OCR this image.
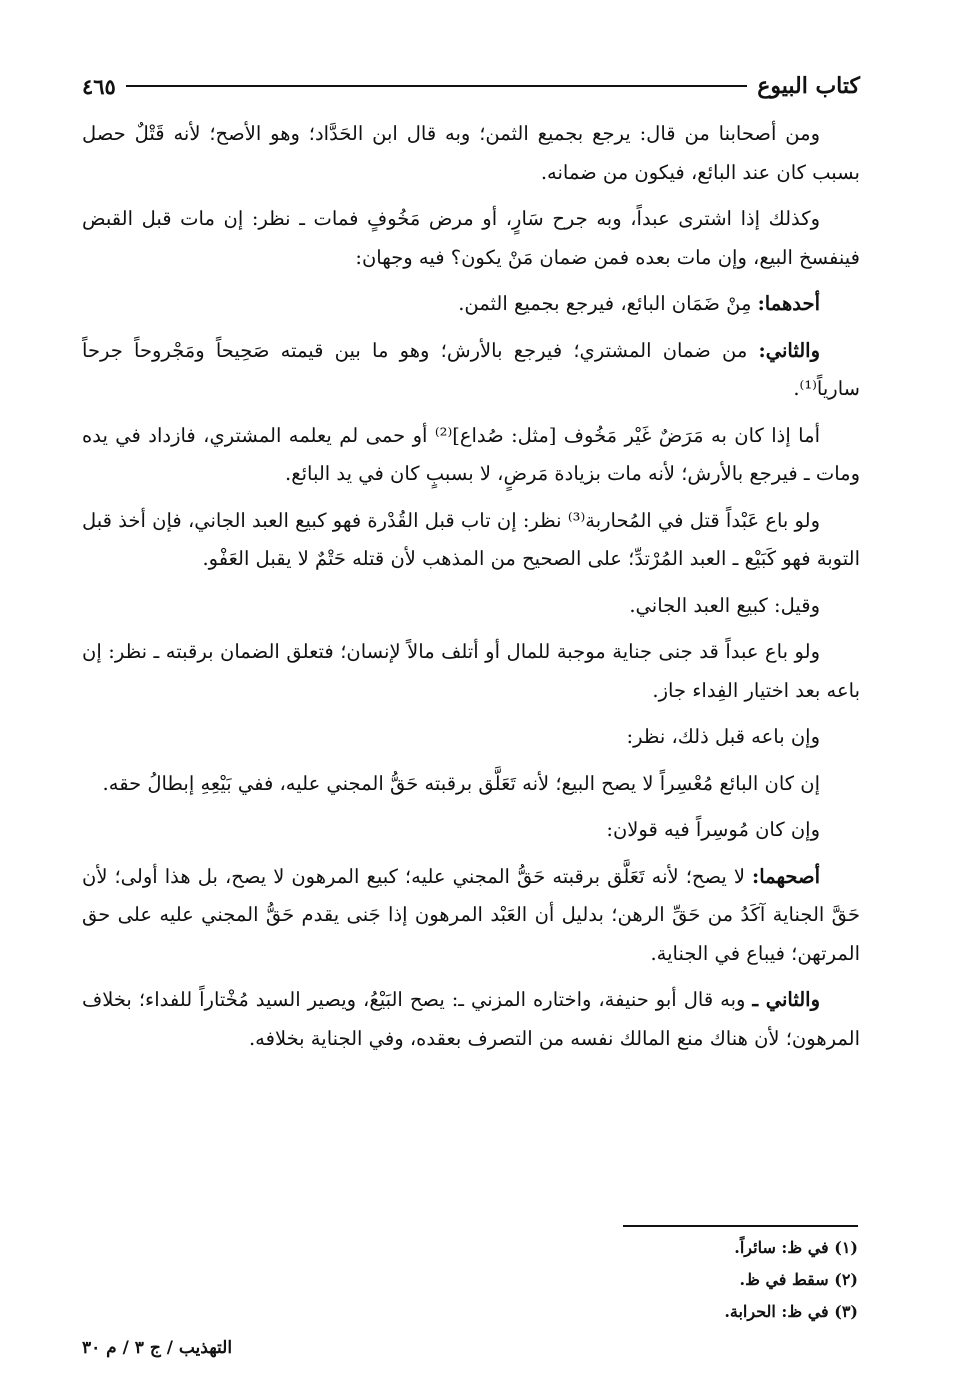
كتاب البيوع
٤٦٥

ومن أصحابنا من قال: يرجع بجميع الثمن؛ وبه قال ابن الحَدَّاد؛ وهو الأصح؛ لأنه قَتْلٌ حصل بسبب كان عند البائع، فيكون من ضمانه.

وكذلك إذا اشترى عبداً، وبه جرح سَارٍ، أو مرض مَخُوفٍ فمات ـ نظر: إن مات قبل القبض فينفسخ البيع، وإن مات بعده فمن ضمان مَنْ يكون؟ فيه وجهان:

أحدهما: مِنْ ضَمَان البائع، فيرجع بجميع الثمن.

والثاني: من ضمان المشتري؛ فيرجع بالأرش؛ وهو ما بين قيمته صَحِيحاً ومَجْروحاً جرحاً سارياً⁽¹⁾.

أما إذا كان به مَرَضٌ غَيْر مَخُوف [مثل: صُداع]⁽²⁾ أو حمى لم يعلمه المشتري، فازداد في يده ومات ـ فيرجع بالأرش؛ لأنه مات بزيادة مَرضٍ، لا بسببٍ كان في يد البائع.

ولو باع عَبْداً قتل في المُحاربة⁽³⁾ نظر: إن تاب قبل القُدْرة فهو كبيع العبد الجاني، فإن أخذ قبل التوبة فهو كَبَيْع ـ العبد المُرْتدِّ؛ على الصحيح من المذهب لأن قتله حَتْمٌ لا يقبل العَفْو.

وقيل: كبيع العبد الجاني.

ولو باع عبداً قد جنى جناية موجبة للمال أو أتلف مالاً لإنسان؛ فتعلق الضمان برقبته ـ نظر: إن باعه بعد اختيار الفِداء جاز.

وإن باعه قبل ذلك، نظر:

إن كان البائع مُعْسِراً لا يصح البيع؛ لأنه تَعَلَّق برقبته حَقُّ المجني عليه، ففي بَيْعِهِ إبطالُ حقه.

وإن كان مُوسِراً فيه قولان:

أصحهما: لا يصح؛ لأنه تَعَلَّق برقبته حَقُّ المجني عليه؛ كبيع المرهون لا يصح، بل هذا أولى؛ لأن حَقَّ الجناية آكَدُ من حَقِّ الرهن؛ بدليل أن العَبْد المرهون إذا جَنى يقدم حَقُّ المجني عليه على حق المرتهن؛ فيباع في الجناية.

والثاني ـ وبه قال أبو حنيفة، واختاره المزني ـ: يصح البَيْعُ، ويصير السيد مُخْتاراً للفداء؛ بخلاف المرهون؛ لأن هناك منع المالك نفسه من التصرف بعقده، وفي الجناية بخلافه.

(١) في ظ: سائراً.
(٢) سقط في ظ.
(٣) في ظ: الحرابة.
التهذيب / ج ٣ / م ٣٠
